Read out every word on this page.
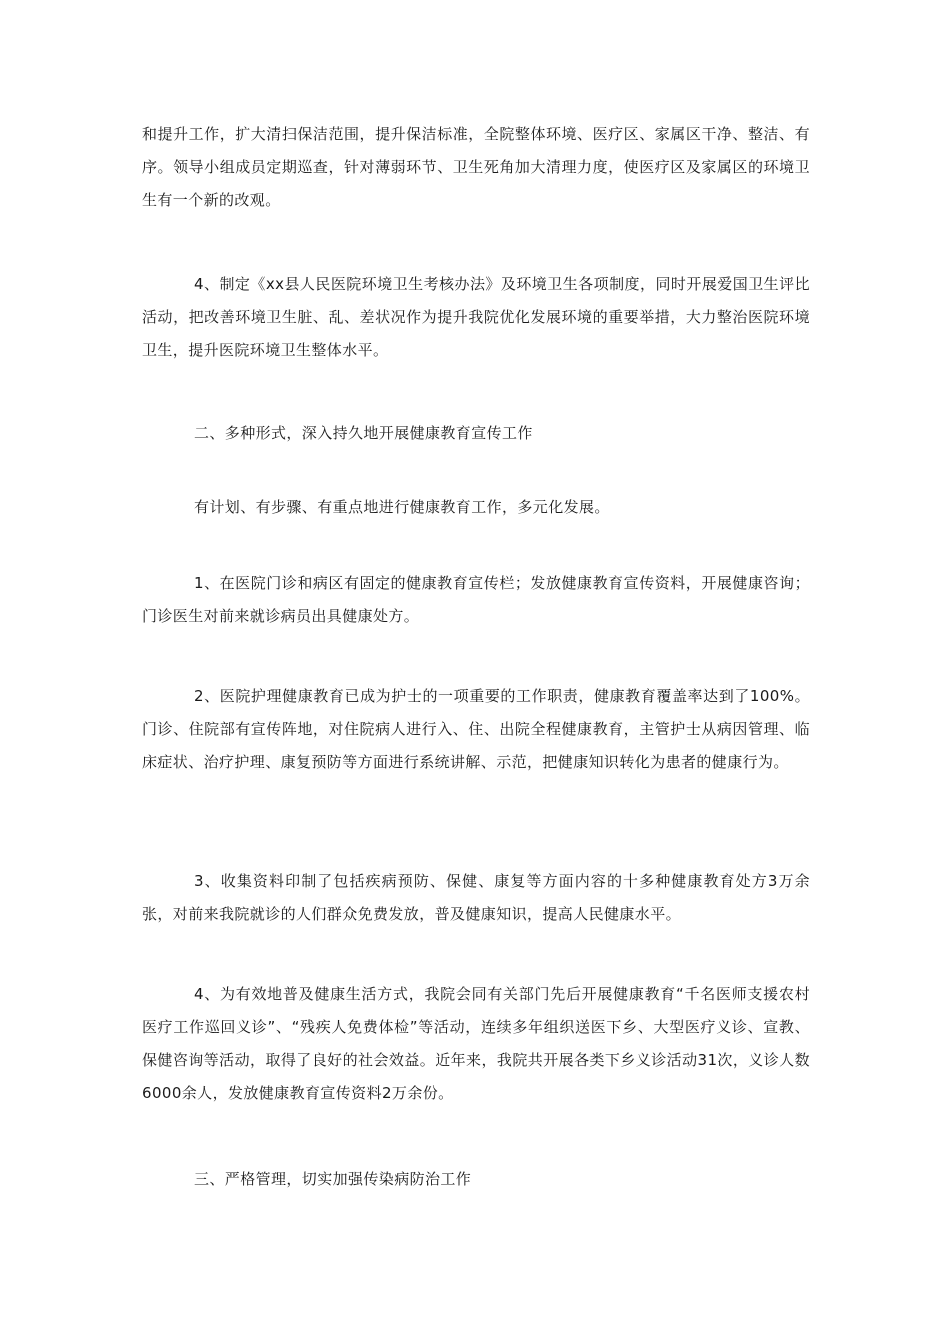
和提升工作，扩大清扫保洁范围，提升保洁标准，全院整体环境、医疗区、家属区干净、整洁、有序。领导小组成员定期巡查，针对薄弱环节、卫生死角加大清理力度，使医疗区及家属区的环境卫生有一个新的改观。

4、制定《xx县人民医院环境卫生考核办法》及环境卫生各项制度，同时开展爱国卫生评比活动，把改善环境卫生脏、乱、差状况作为提升我院优化发展环境的重要举措，大力整治医院环境卫生，提升医院环境卫生整体水平。

二、多种形式，深入持久地开展健康教育宣传工作

有计划、有步骤、有重点地进行健康教育工作，多元化发展。

1、在医院门诊和病区有固定的健康教育宣传栏；发放健康教育宣传资料，开展健康咨询；门诊医生对前来就诊病员出具健康处方。

2、医院护理健康教育已成为护士的一项重要的工作职责，健康教育覆盖率达到了100%。门诊、住院部有宣传阵地，对住院病人进行入、住、出院全程健康教育，主管护士从病因管理、临床症状、治疗护理、康复预防等方面进行系统讲解、示范，把健康知识转化为患者的健康行为。

3、收集资料印制了包括疾病预防、保健、康复等方面内容的十多种健康教育处方3万余张，对前来我院就诊的人们群众免费发放，普及健康知识，提高人民健康水平。

4、为有效地普及健康生活方式，我院会同有关部门先后开展健康教育“千名医师支援农村医疗工作巡回义诊”、“残疾人免费体检”等活动，连续多年组织送医下乡、大型医疗义诊、宣教、保健咨询等活动，取得了良好的社会效益。近年来，我院共开展各类下乡义诊活动31次，义诊人数6000余人，发放健康教育宣传资料2万余份。

三、严格管理，切实加强传染病防治工作
